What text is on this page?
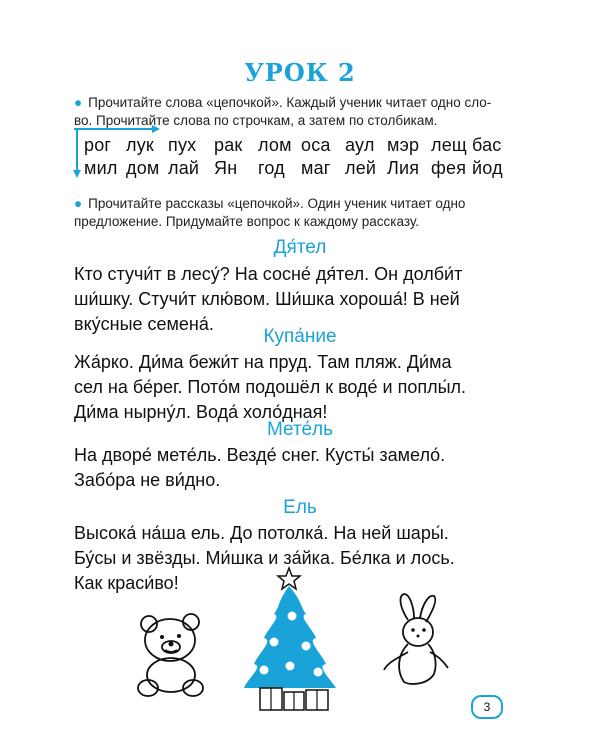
УРОК 2
● Прочитайте слова «цепочкой». Каждый ученик читает одно сло-
во. Прочитайте слова по строчкам, а затем по столбикам.
рог лук пух рак лом оса аул мэр лещ бас
мил дом лай Ян год маг лей Лия фея йод
● Прочитайте рассказы «цепочкой». Один ученик читает одно
предложение. Придумайте вопрос к каждому рассказу.
Дя́тел
Кто стучи́т в лесу́? На сосне́ дя́тел. Он долби́т
ши́шку. Стучи́т клю́вом. Ши́шка хороша́! В ней
вку́сные семена́.
Купа́ние
Жа́рко. Ди́ма бежи́т на пруд. Там пляж. Ди́ма
сел на бе́рег. Пото́м подошёл к воде́ и поплы́л.
Ди́ма нырну́л. Вода́ холо́дная!
Мете́ль
На дворе́ мете́ль. Везде́ снег. Кусты́ замело́.
Забо́ра не ви́дно.
Ель
Высока́ на́ша ель. До потолка́. На ней шары́.
Бу́сы и звёзды. Ми́шка и за́йка. Бе́лка и лось.
Как краси́во!
3
